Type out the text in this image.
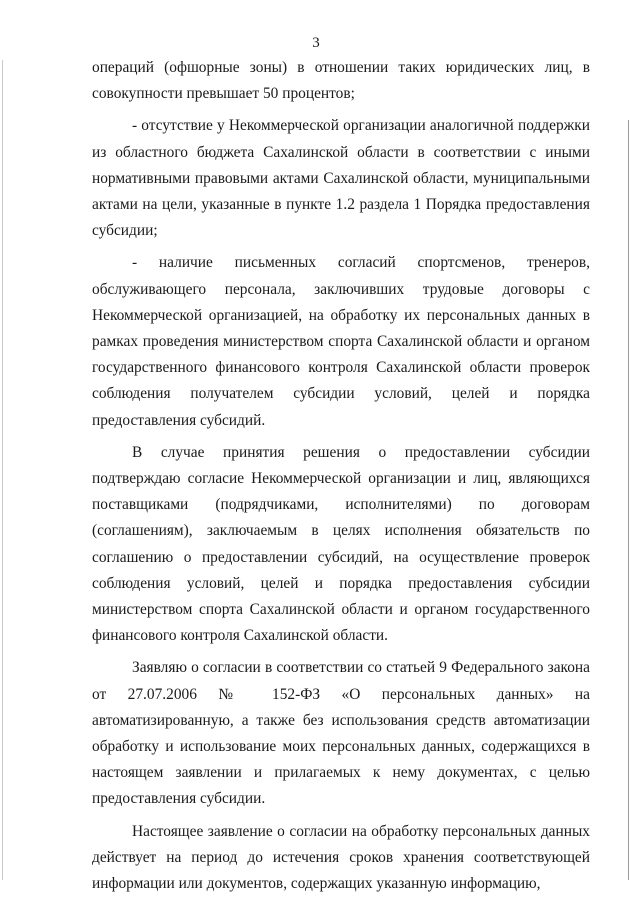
3

операций (офшорные зоны) в отношении таких юридических лиц, в совокупности превышает 50 процентов;

- отсутствие у Некоммерческой организации аналогичной поддержки из областного бюджета Сахалинской области в соответствии с иными нормативными правовыми актами Сахалинской области, муниципальными актами на цели, указанные в пункте 1.2 раздела 1 Порядка предоставления субсидии;

- наличие письменных согласий спортсменов, тренеров, обслуживающего персонала, заключивших трудовые договоры с Некоммерческой организацией, на обработку их персональных данных в рамках проведения министерством спорта Сахалинской области и органом государственного финансового контроля Сахалинской области проверок соблюдения получателем субсидии условий, целей и порядка предоставления субсидий.

В случае принятия решения о предоставлении субсидии подтверждаю согласие Некоммерческой организации и лиц, являющихся поставщиками (подрядчиками, исполнителями) по договорам (соглашениям), заключаемым в целях исполнения обязательств по соглашению о предоставлении субсидий, на осуществление проверок соблюдения условий, целей и порядка предоставления субсидии министерством спорта Сахалинской области и органом государственного финансового контроля Сахалинской области.

Заявляю о согласии в соответствии со статьей 9 Федерального закона от 27.07.2006 № 152-ФЗ «О персональных данных» на автоматизированную, а также без использования средств автоматизации обработку и использование моих персональных данных, содержащихся в настоящем заявлении и прилагаемых к нему документах, с целью предоставления субсидии.

Настоящее заявление о согласии на обработку персональных данных действует на период до истечения сроков хранения соответствующей информации или документов, содержащих указанную информацию,
